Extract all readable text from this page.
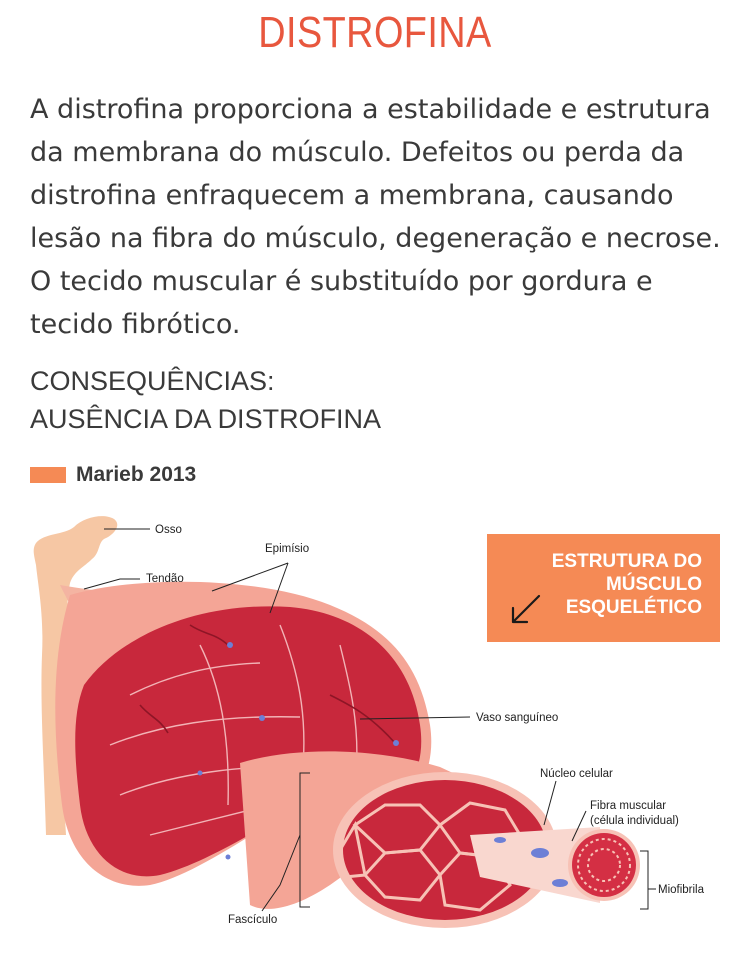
DISTROFINA

A distrofina proporciona a estabilidade e estrutura da membrana do músculo. Defeitos ou perda da distrofina enfraquecem a membrana, causando lesão na fibra do músculo, degeneração e necrose. O tecido muscular é substituído por gordura e tecido fibrótico.

CONSEQUÊNCIAS:
AUSÊNCIA DA DISTROFINA
Marieb 2013
Osso
Tendão
Epimísio
Vaso sanguíneo
Núcleo celular
Fibra muscular
(célula individual)
Miofibrila
Fascículo
ESTRUTURA DO
MÚSCULO
ESQUELÉTICO
